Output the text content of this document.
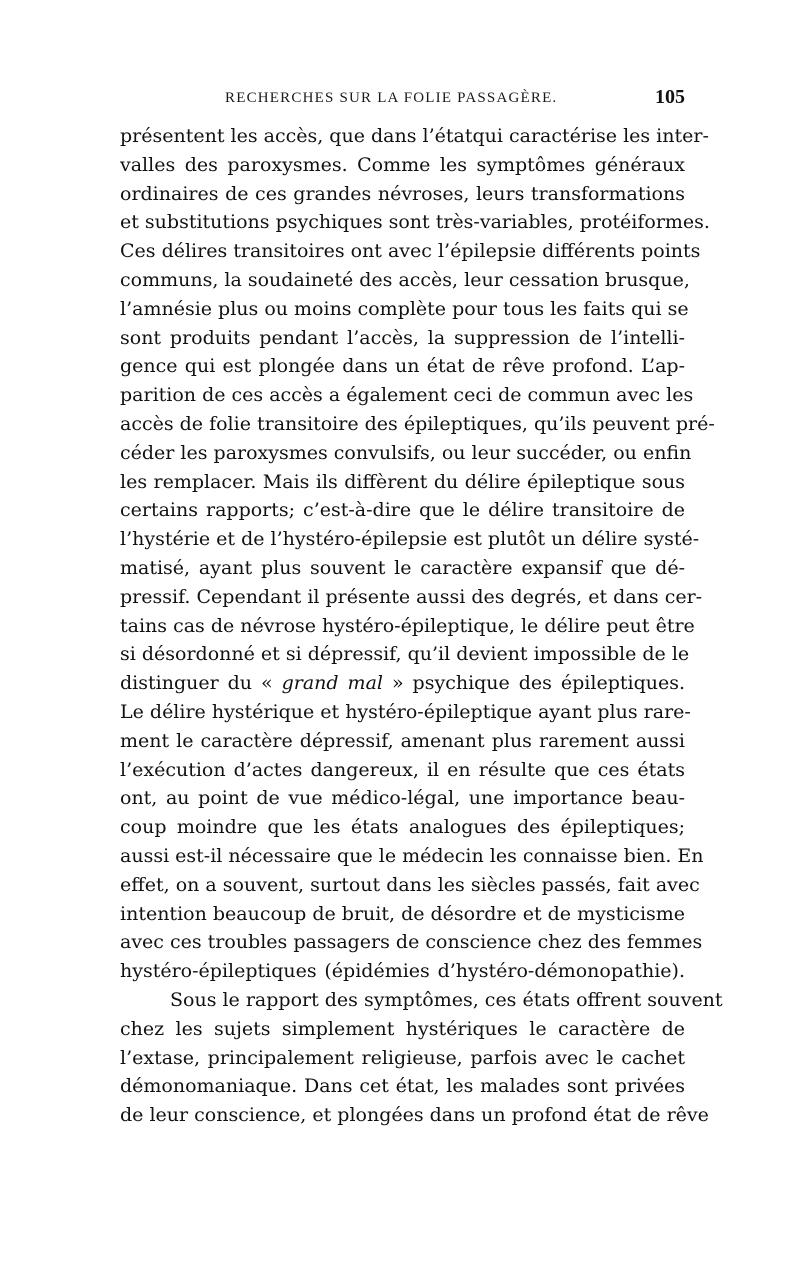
RECHERCHES SUR LA FOLIE PASSAGÈRE.	105
présentent les accès, que dans l’étatqui caractérise les inter-
valles des paroxysmes. Comme les symptômes généraux
ordinaires de ces grandes névroses, leurs transformations
et substitutions psychiques sont très-variables, protéiformes.
Ces délires transitoires ont avec l’épilepsie différents points
communs, la soudaineté des accès, leur cessation brusque,
l’amnésie plus ou moins complète pour tous les faits qui se
sont produits pendant l’accès, la suppression de l’intelli-
gence qui est plongée dans un état de rêve profond. L’ap-
parition de ces accès a également ceci de commun avec les
accès de folie transitoire des épileptiques, qu’ils peuvent pré-
céder les paroxysmes convulsifs, ou leur succéder, ou enfin
les remplacer. Mais ils diffèrent du délire épileptique sous
certains rapports; c’est-à-dire que le délire transitoire de
l’hystérie et de l’hystéro-épilepsie est plutôt un délire systé-
matisé, ayant plus souvent le caractère expansif que dé-
pressif. Cependant il présente aussi des degrés, et dans cer-
tains cas de névrose hystéro-épileptique, le délire peut être
si désordonné et si dépressif, qu’il devient impossible de le
distinguer du « grand mal » psychique des épileptiques.
Le délire hystérique et hystéro-épileptique ayant plus rare-
ment le caractère dépressif, amenant plus rarement aussi
l’exécution d’actes dangereux, il en résulte que ces états
ont, au point de vue médico-légal, une importance beau-
coup moindre que les états analogues des épileptiques;
aussi est-il nécessaire que le médecin les connaisse bien. En
effet, on a souvent, surtout dans les siècles passés, fait avec
intention beaucoup de bruit, de désordre et de mysticisme
avec ces troubles passagers de conscience chez des femmes
hystéro-épileptiques (épidémies d’hystéro-démonopathie).
Sous le rapport des symptômes, ces états offrent souvent
chez les sujets simplement hystériques le caractère de
l’extase, principalement religieuse, parfois avec le cachet
démonomaniaque. Dans cet état, les malades sont privées
de leur conscience, et plongées dans un profond état de rêve
